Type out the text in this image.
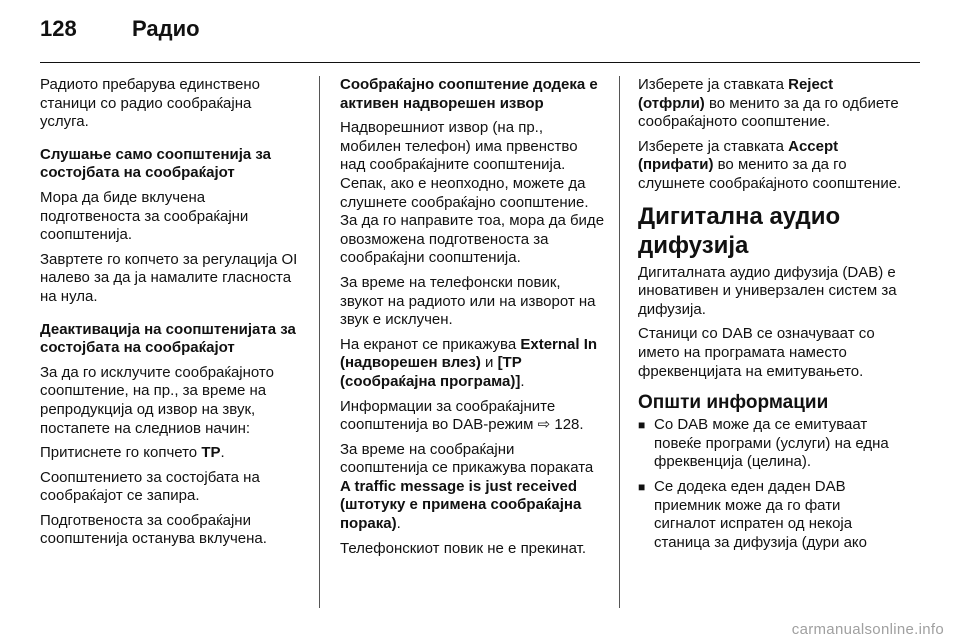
128	Радио

Радиото пребарува единствено станици со радио сообраќајна услуга.

Слушање само соопштенија за состојбата на сообраќајот

Мора да биде вклучена подготвеноста за сообраќајни соопштенија.

Завртете го копчето за регулација OI налево за да ја намалите гласноста на нула.

Деактивација на соопштенијата за состојбата на сообраќајот

За да го исклучите сообраќајното соопштение, на пр., за време на репродукција од извор на звук, постапете на следниов начин:

Притиснете го копчето TP.

Соопштението за состојбата на сообраќајот се запира.

Подготвеноста за сообраќајни соопштенија останува вклучена.

Сообраќајно соопштение додека е активен надворешен извор

Надворешниот извор (на пр., мобилен телефон) има првенство над сообраќајните соопштенија. Сепак, ако е неопходно, можете да слушнете сообраќајно соопштение. За да го направите тоа, мора да биде овозможена подготвеноста за сообраќајни соопштенија.

За време на телефонски повик, звукот на радиото или на изворот на звук е исклучен.

На екранот се прикажува External In (надворешен влез) и [TP (сообраќајна програма)].

Информации за сообраќајните соопштенија во DAB-режим ⇨ 128.

За време на сообраќајни соопштенија се прикажува пораката A traffic message is just received (штотуку е примена сообраќајна порака).

Телефонскиот повик не е прекинат.

Изберете ја ставката Reject (отфрли) во менито за да го одбиете сообраќајното соопштение.

Изберете ја ставката Accept (прифати) во менито за да го слушнете сообраќајното соопштение.

Дигитална аудио дифузија

Дигиталната аудио дифузија (DAB) е иновативен и универзален систем за дифузија.

Станици со DAB се означуваат со името на програмата наместо фреквенцијата на емитувањето.

Општи информации
■ Со DAB може да се емитуваат повеќе програми (услуги) на една фреквенција (целина).
■ Се додека еден даден DAB приемник може да го фати сигналот испратен од некоја станица за дифузија (дури ако
carmanualsonline.info
